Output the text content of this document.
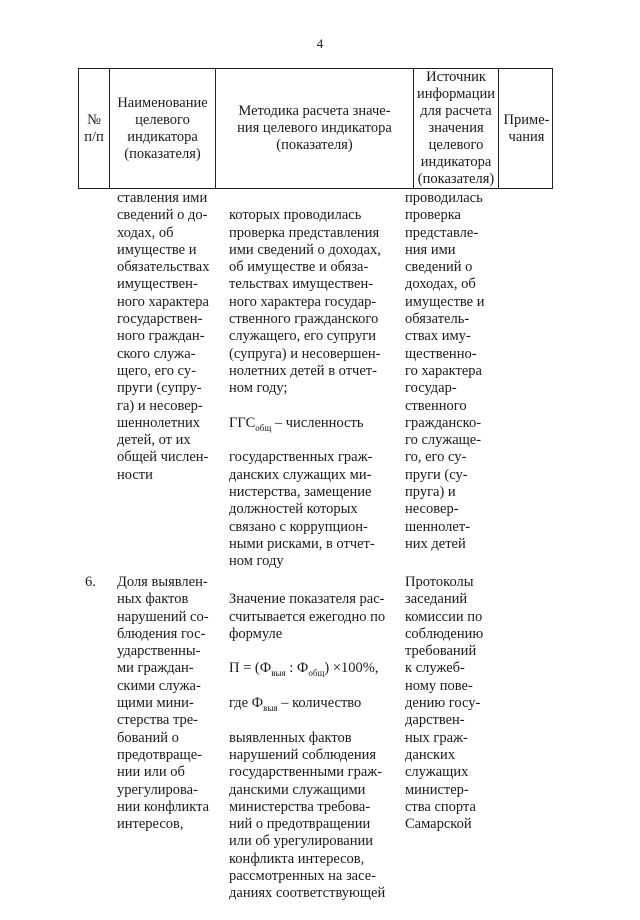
4
№
п/п
Наименование
целевого
индикатора
(показателя)
Методика расчета значе-
ния целевого индикатора
(показателя)
Источник
информации
для расчета
значения
целевого
индикатора
(показателя)
Приме-
чания
ставления ими
сведений о до-
ходах, об
имуществе и
обязательствах
имуществен-
ного характера
государствен-
ного граждан-
ского служа-
щего, его су-
пруги (супру-
га) и несовер-
шеннолетних
детей, от их
общей числен-
ности

которых проводилась
проверка представления
ими сведений о доходах,
об имуществе и обяза-
тельствах имуществен-
ного характера государ-
ственного гражданского
служащего, его супруги
(супруга) и несовершен-
нолетних детей в отчет-
ном году;

$ГГС_{общ}$ – численность

государственных граж-
данских служащих ми-
нистерства, замещение
должностей которых
связано с коррупцион-
ными рисками, в отчет-
ном году

проводилась
проверка
представле-
ния ими
сведений о
доходах, об
имуществе и
обязатель-
ствах иму-
щественно-
го характера
государ-
ственного
гражданско-
го служаще-
го, его су-
пруги (су-
пруга) и
несовер-
шеннолет-
них детей
6.	Доля выявлен-
ных фактов
нарушений со-
блюдения гос-
ударственны-
ми граждан-
скими служа-
щими мини-
стерства тре-
бований о
предотвраще-
нии или об
урегулирова-
нии конфликта
интересов,

Значение показателя рас-
считывается ежегодно по
формуле

$П = (Ф_{выя}$ : $Ф_{общ}) \times 100\%$,

где $Ф_{выя}$ – количество

выявленных фактов
нарушений соблюдения
государственными граж-
данскими служащими
министерства требова-
ний о предотвращении
или об урегулировании
конфликта интересов,
рассмотренных на засе-
даниях соответствующей

Протоколы
заседаний
комиссии по
соблюдению
требований
к служеб-
ному пове-
дению госу-
дарствен-
ных граж-
данских
служащих
министер-
ства спорта
Самарской
